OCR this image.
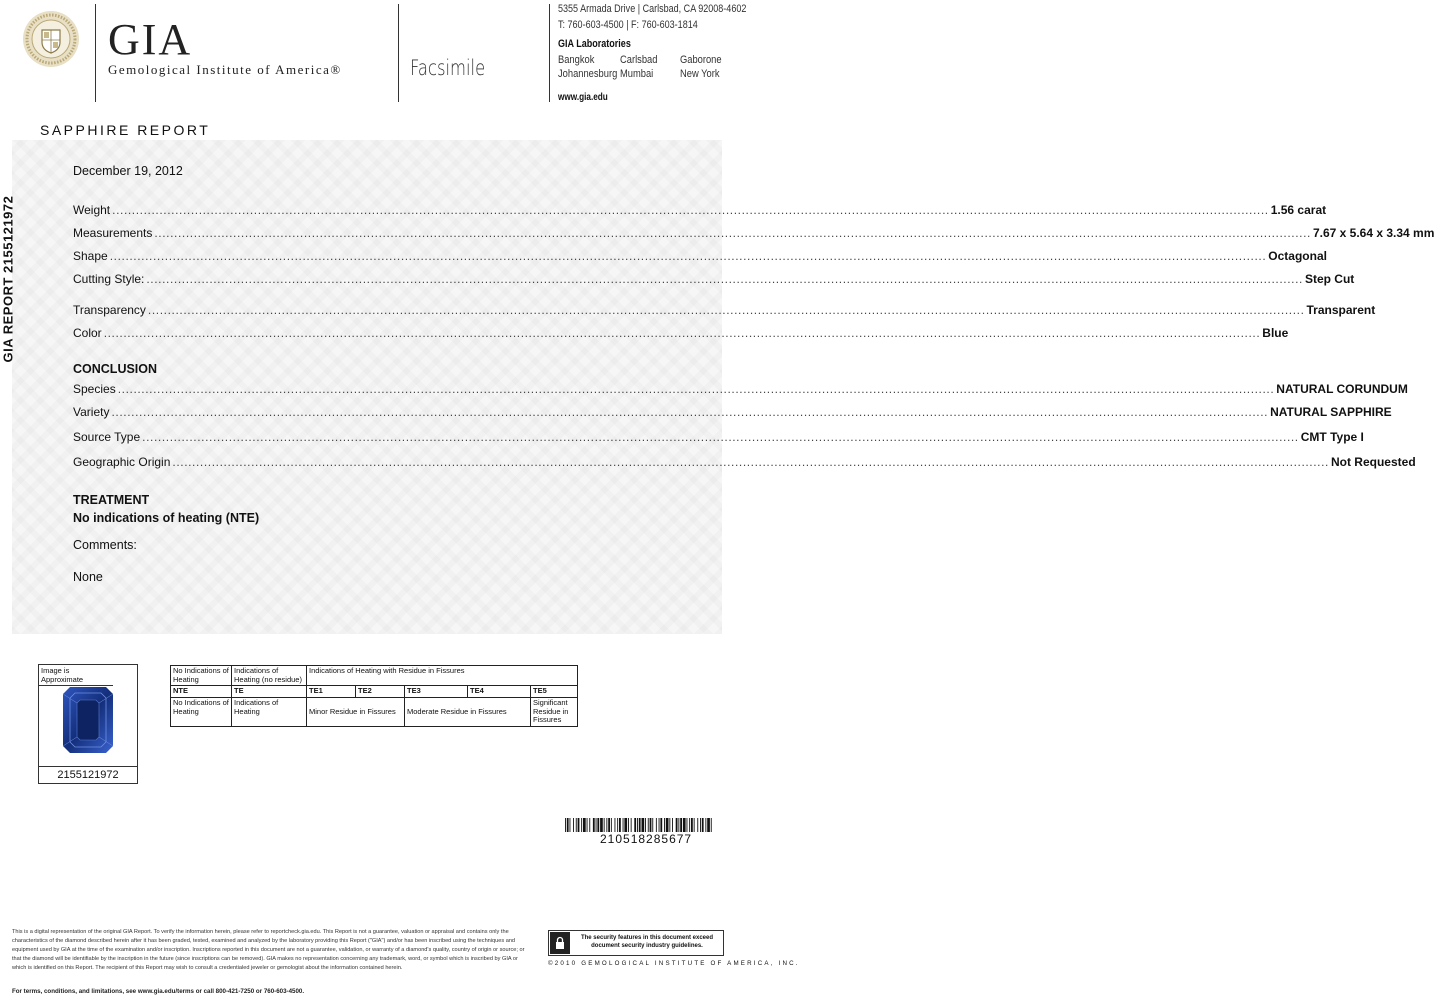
GIA
Gemological Institute of America®	Facsimile
5355 Armada Drive | Carlsbad, CA 92008-4602
T: 760-603-4500 | F: 760-603-1814
GIA Laboratories
Bangkok Carlsbad Gaborone
Johannesburg Mumbai New York
www.gia.edu
SAPPHIRE REPORT
GIA REPORT 2155121972
December 19, 2012
Weight .....	1.56 carat
Measurements .....	7.67 x 5.64 x 3.34 mm
Shape .....	Octagonal
Cutting Style: .....	Step Cut
Transparency .....	Transparent
Color .....	Blue
CONCLUSION
Species .....	NATURAL CORUNDUM
Variety .....	NATURAL SAPPHIRE
Source Type .....	CMT Type I
Geographic Origin .....	Not Requested
TREATMENT
No indications of heating (NTE)
Comments:
None
Image is Approximate
2155121972
No Indications of Heating	Indications of Heating (no residue)	Indications of Heating with Residue in Fissures				
NTE	TE	TE1	TE2	TE3	TE4	TE5
No Indications of Heating	Indications of Heating	Minor Residue in Fissures		Moderate Residue in Fissures		Significant Residue in Fissures
210518285677
This is a digital representation of the original GIA Report. To verify the information herein, please refer to reportcheck.gia.edu. This Report is not a guarantee, valuation or appraisal and contains only the characteristics of the diamond described herein after it has been graded, tested, examined and analyzed by the laboratory providing this Report ("GIA") and/or has been inscribed using the techniques and equipment used by GIA at the time of the examination and/or inscription. Inscriptions reported in this document are not a guarantee, validation, or warranty of a diamond's quality, country of origin or source; or that the diamond will be identifiable by the inscription in the future (since inscriptions can be removed). GIA makes no representation concerning any trademark, word, or symbol which is inscribed by GIA or which is identified on this Report. The recipient of this Report may wish to consult a credentialed jeweler or gemologist about the information contained herein.
For terms, conditions, and limitations, see www.gia.edu/terms or call 800-421-7250 or 760-603-4500.
The security features in this document exceed document security industry guidelines.
©2010 GEMOLOGICAL INSTITUTE OF AMERICA, INC.
